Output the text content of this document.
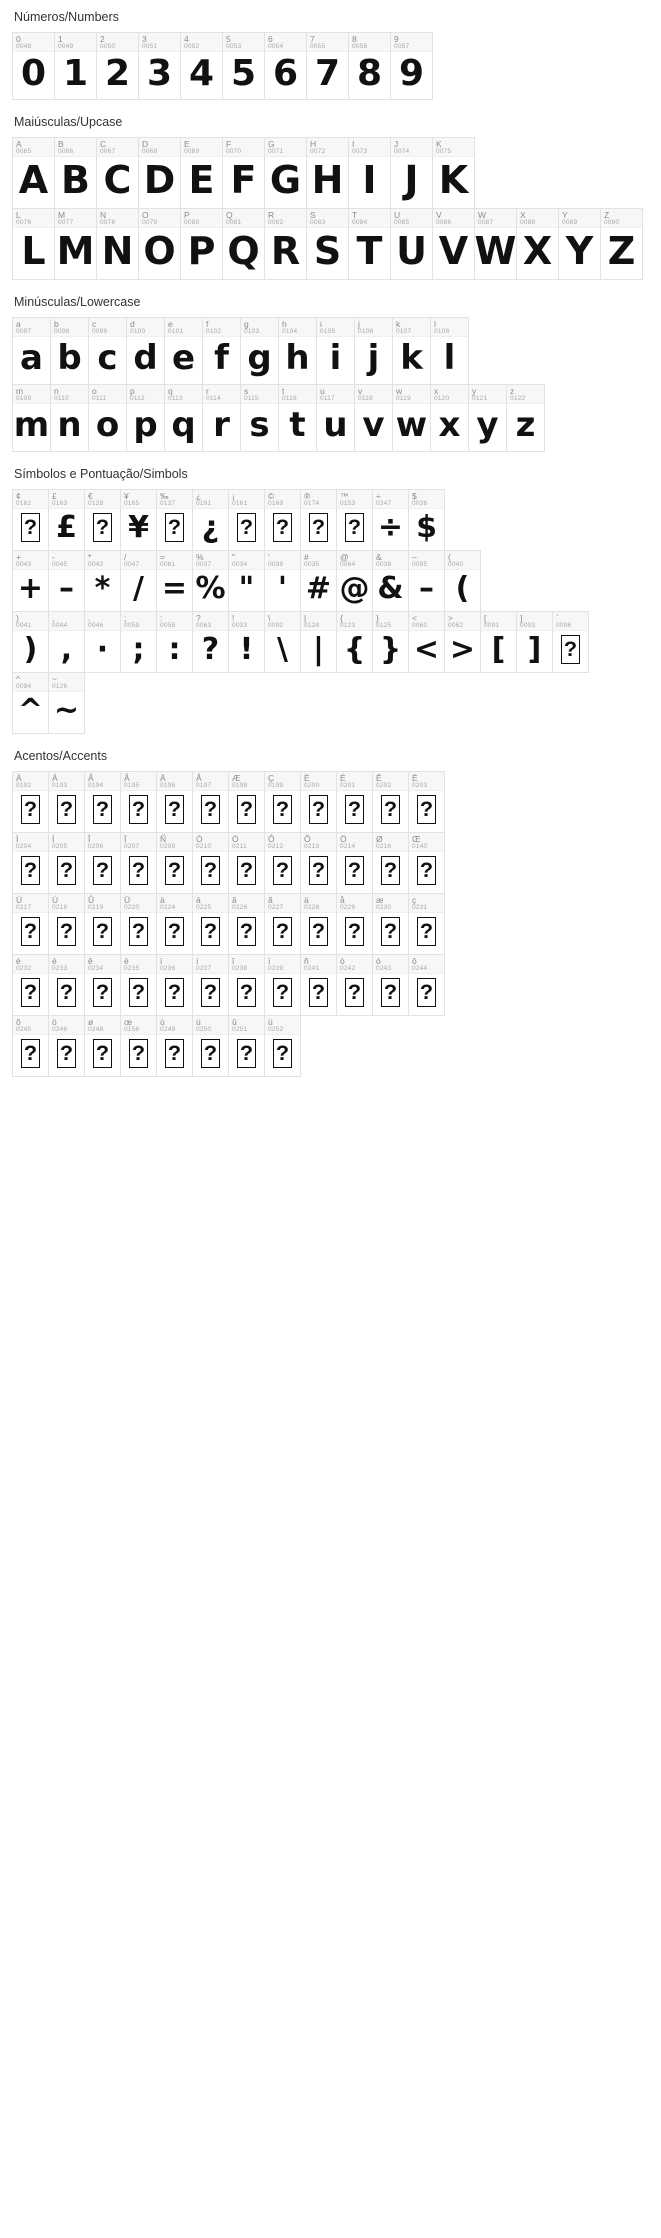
Números/Numbers
0
0048
0
1
0049
1
2
0050
2
3
0051
3
4
0052
4
5
0053
5
6
0054
6
7
0055
7
8
0056
8
9
0057
9
Maiúsculas/Upcase
A
0065
A
B
0066
B
C
0067
C
D
0068
D
E
0069
E
F
0070
F
G
0071
G
H
0072
H
I
0073
I
J
0074
J
K
0075
K
L
0076
L
M
0077
M
N
0078
N
O
0079
O
P
0080
P
Q
0081
Q
R
0082
R
S
0083
S
T
0084
T
U
0085
U
V
0086
V
W
0087
W
X
0088
X
Y
0089
Y
Z
0090
Z
Minúsculas/Lowercase
a
0097
a
b
0098
b
c
0099
c
d
0100
d
e
0101
e
f
0102
f
g
0103
g
h
0104
h
i
0105
i
j
0106
j
k
0107
k
l
0108
l
m
0109
m
n
0110
n
o
0111
o
p
0112
p
q
0113
q
r
0114
r
s
0115
s
t
0116
t
u
0117
u
v
0118
v
w
0119
w
x
0120
x
y
0121
y
z
0122
z
Símbolos e Pontuação/Simbols
¢
0162
?
£
0163
£
€
0128
?
¥
0165
¥
‰
0137
?
¿
0191
¿
¡
0161
?
©
0169
?
®
0174
?
™
0153
?
÷
0247
÷
$
0036
$
+
0043
+
-
0045
–
*
0042
*
/
0047
/
=
0061
=
%
0037
%
"
0034
"
'
0039
'
#
0035
#
@
0064
@
&
0038
&
–
0095
–
(
0040
(
)
0041
)
,
0044
,
.
0046
·
;
0059
;
:
0058
:
?
0063
?
!
0033
!
\
0092
\
|
0124
|
{
0123
{
}
0125
}
<
0060
<
>
0062
>
[
0091
[
]
0093
]
`
0096
?
^
0094
^
~
0126
~
Acentos/Accents
À
0192
?
Á
0193
?
Â
0194
?
Ã
0195
?
Ä
0196
?
Å
0197
?
Æ
0198
?
Ç
0199
?
È
0200
?
É
0201
?
Ê
0202
?
Ë
0203
?
Ì
0204
?
Í
0205
?
Î
0206
?
Ï
0207
?
Ñ
0209
?
Ò
0210
?
Ó
0211
?
Ô
0212
?
Õ
0213
?
Ö
0214
?
Ø
0216
?
Œ
0140
?
Ù
0217
?
Ú
0218
?
Û
0219
?
Ü
0220
?
à
0224
?
á
0225
?
â
0226
?
ã
0227
?
ä
0228
?
å
0229
?
æ
0230
?
ç
0231
?
è
0232
?
é
0233
?
ê
0234
?
ë
0235
?
ì
0236
?
í
0237
?
î
0238
?
ï
0239
?
ñ
0241
?
ò
0242
?
ó
0243
?
ô
0244
?
õ
0245
?
ö
0246
?
ø
0248
?
œ
0156
?
ù
0249
?
ú
0250
?
û
0251
?
ü
0252
?
